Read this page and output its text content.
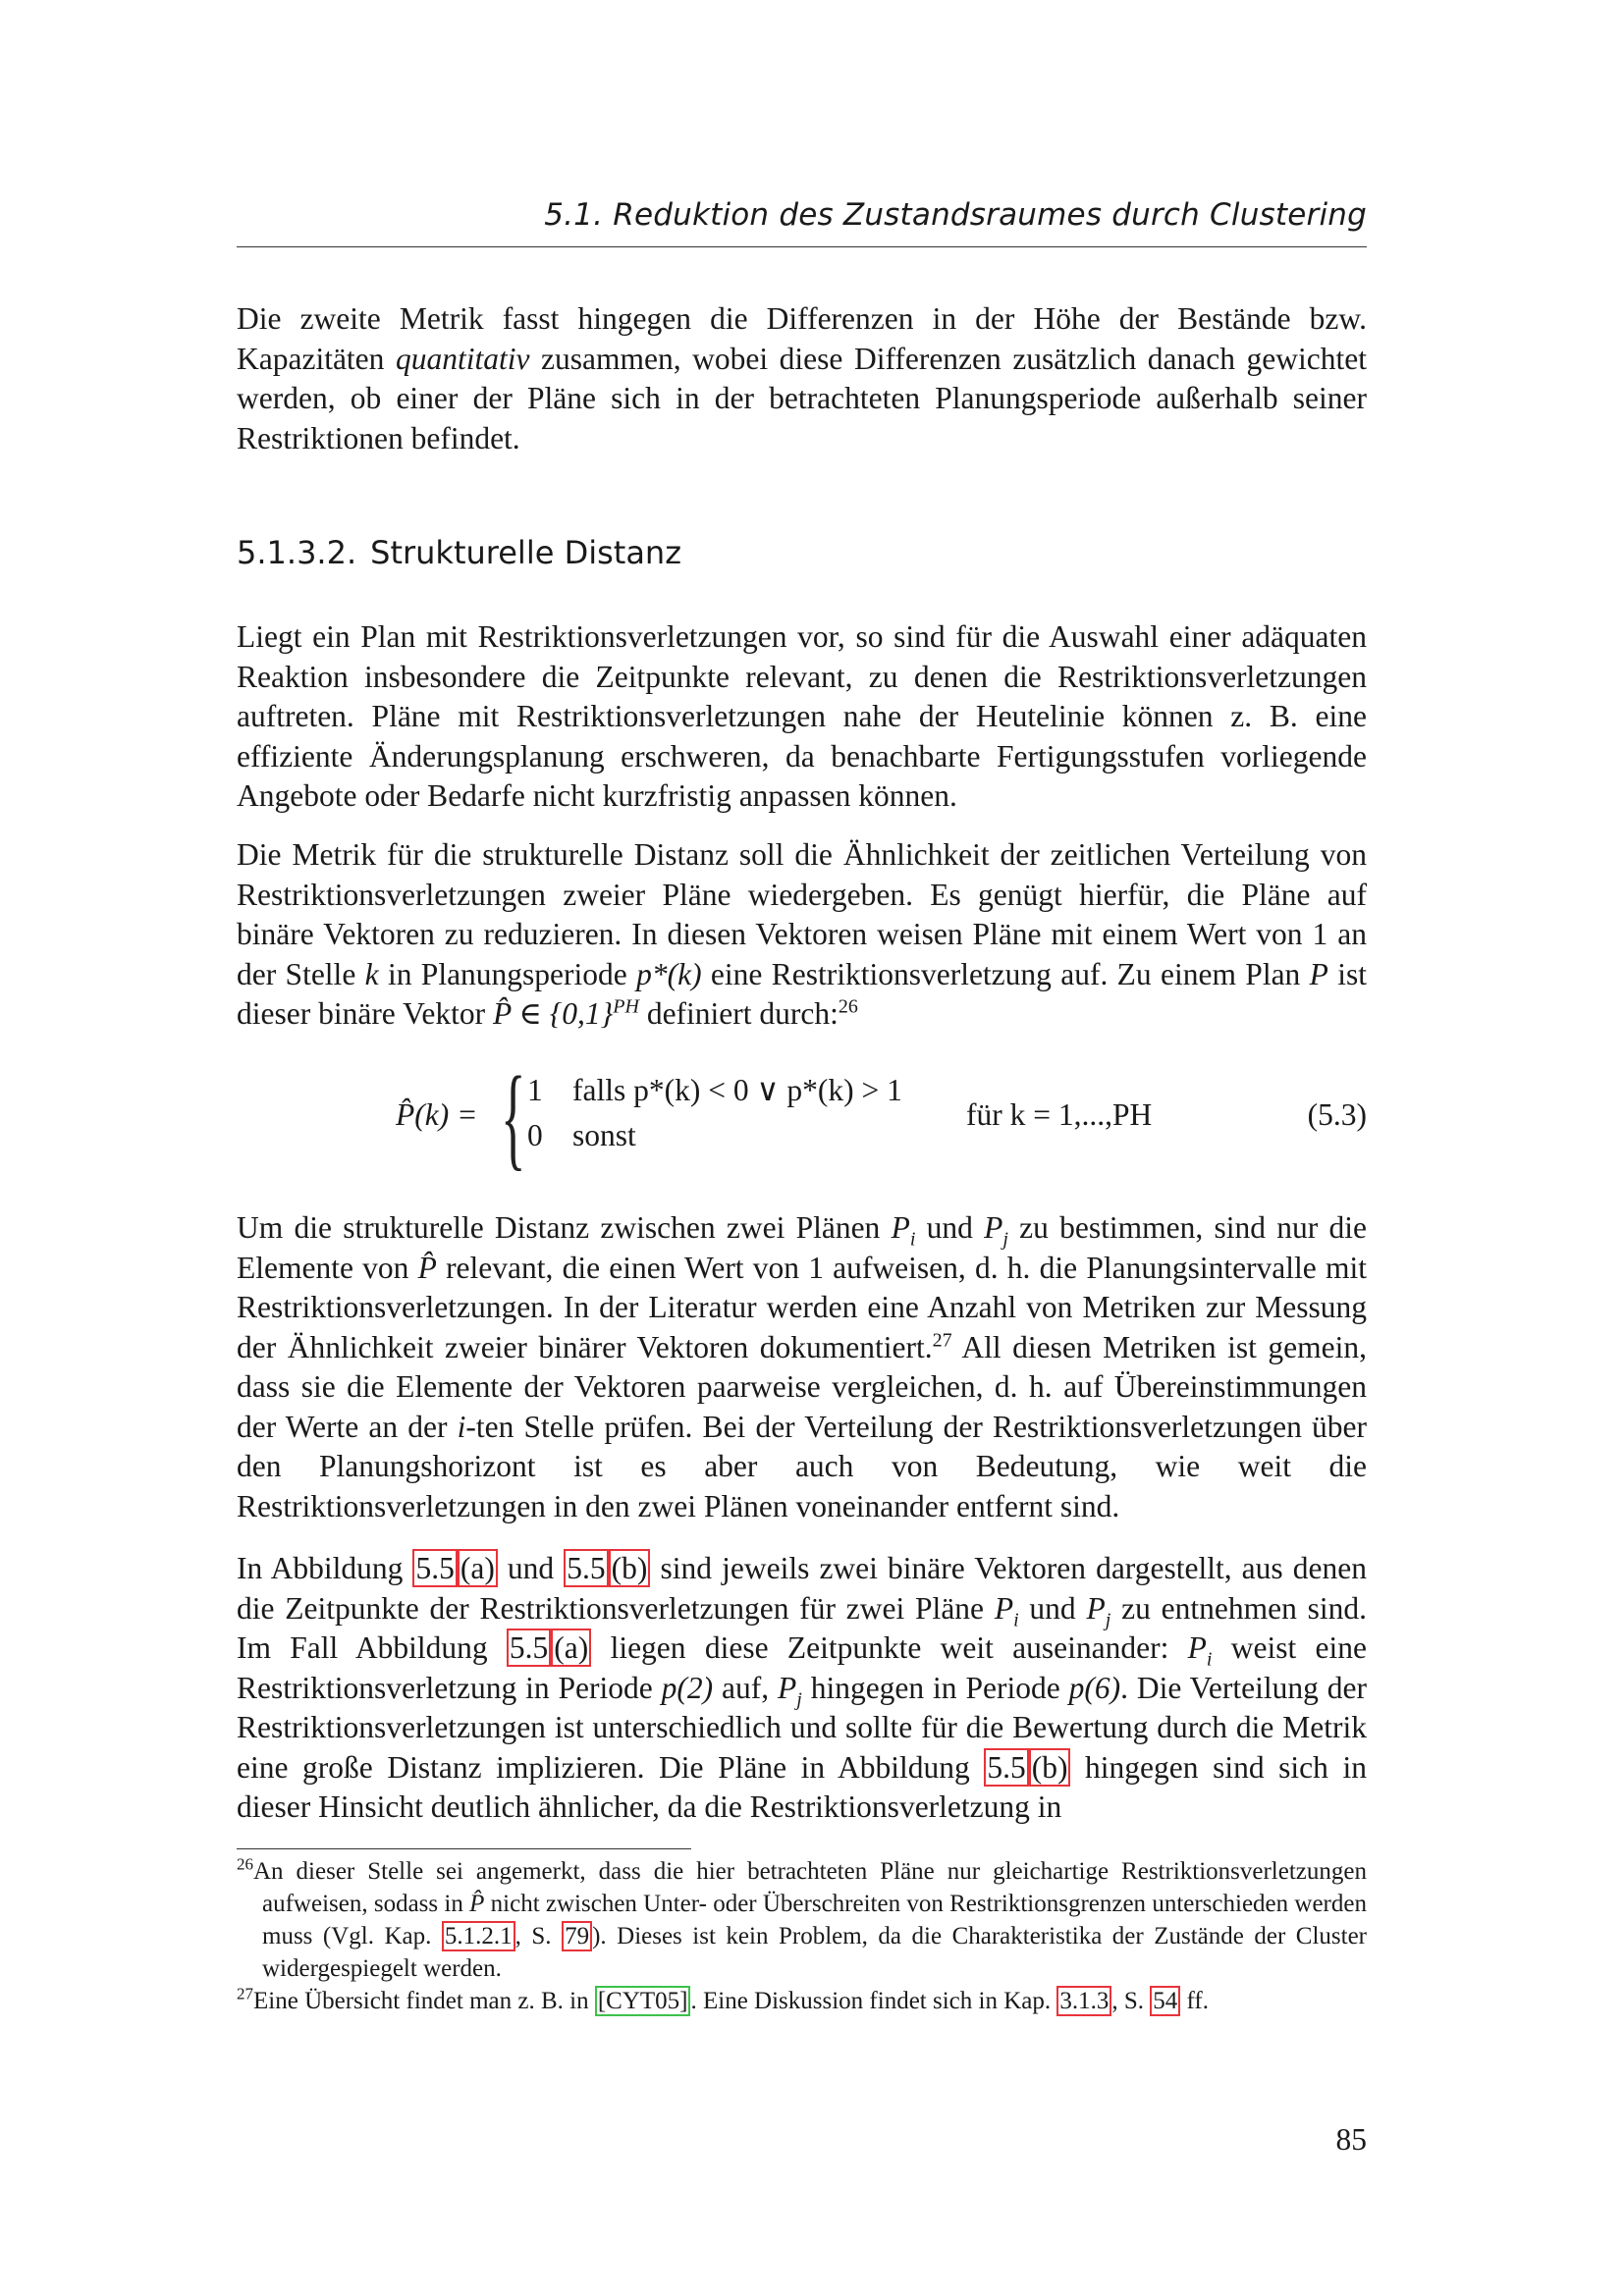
5.1. Reduktion des Zustandsraumes durch Clustering

Die zweite Metrik fasst hingegen die Differenzen in der Höhe der Bestände bzw. Kapazitäten quantitativ zusammen, wobei diese Differenzen zusätzlich danach gewichtet werden, ob einer der Pläne sich in der betrachteten Planungsperiode außerhalb seiner Restriktionen befindet.

5.1.3.2. Strukturelle Distanz

Liegt ein Plan mit Restriktionsverletzungen vor, so sind für die Auswahl einer adäquaten Reaktion insbesondere die Zeitpunkte relevant, zu denen die Restriktionsverletzungen auftreten. Pläne mit Restriktionsverletzungen nahe der Heutelinie können z. B. eine effiziente Änderungsplanung erschweren, da benachbarte Fertigungsstufen vorliegende Angebote oder Bedarfe nicht kurzfristig anpassen können.

Die Metrik für die strukturelle Distanz soll die Ähnlichkeit der zeitlichen Verteilung von Restriktionsverletzungen zweier Pläne wiedergeben. Es genügt hierfür, die Pläne auf binäre Vektoren zu reduzieren. In diesen Vektoren weisen Pläne mit einem Wert von 1 an der Stelle k in Planungsperiode p*(k) eine Restriktionsverletzung auf. Zu einem Plan P ist dieser binäre Vektor P̂ ∈ $\{0,1\}^{PH}$ definiert durch:$^{26}$

P̂(k) = { 1 falls p*(k) < 0 ∨ p*(k) > 1
0 sonst
für k = 1,...,PH	(5.3)

Um die strukturelle Distanz zwischen zwei Plänen $P_i$ und $P_j$ zu bestimmen, sind nur die Elemente von P̂ relevant, die einen Wert von 1 aufweisen, d. h. die Planungsintervalle mit Restriktionsverletzungen. In der Literatur werden eine Anzahl von Metriken zur Messung der Ähnlichkeit zweier binärer Vektoren dokumentiert.$^{27}$ All diesen Metriken ist gemein, dass sie die Elemente der Vektoren paarweise vergleichen, d. h. auf Übereinstimmungen der Werte an der i-ten Stelle prüfen. Bei der Verteilung der Restriktionsverletzungen über den Planungshorizont ist es aber auch von Bedeutung, wie weit die Restriktionsverletzungen in den zwei Plänen voneinander entfernt sind.

In Abbildung 5.5 (a) und 5.5 (b) sind jeweils zwei binäre Vektoren dargestellt, aus denen die Zeitpunkte der Restriktionsverletzungen für zwei Pläne $P_i$ und $P_j$ zu entnehmen sind. Im Fall Abbildung 5.5 (a) liegen diese Zeitpunkte weit auseinander: $P_i$ weist eine Restriktionsverletzung in Periode p(2) auf, $P_j$ hingegen in Periode p(6). Die Verteilung der Restriktionsverletzungen ist unterschiedlich und sollte für die Bewertung durch die Metrik eine große Distanz implizieren. Die Pläne in Abbildung 5.5 (b) hingegen sind sich in dieser Hinsicht deutlich ähnlicher, da die Restriktionsverletzung in

$^{26}$An dieser Stelle sei angemerkt, dass die hier betrachteten Pläne nur gleichartige Restriktionsverletzungen aufweisen, sodass in P̂ nicht zwischen Unter- oder Überschreiten von Restriktionsgrenzen unterschieden werden muss (Vgl. Kap. 5.1.2.1 , S. 79 ). Dieses ist kein Problem, da die Charakteristika der Zustände der Cluster widergespiegelt werden.

$^{27}$Eine Übersicht findet man z. B. in [CYT05] . Eine Diskussion findet sich in Kap. 3.1.3 , S. 54 ff.

85
